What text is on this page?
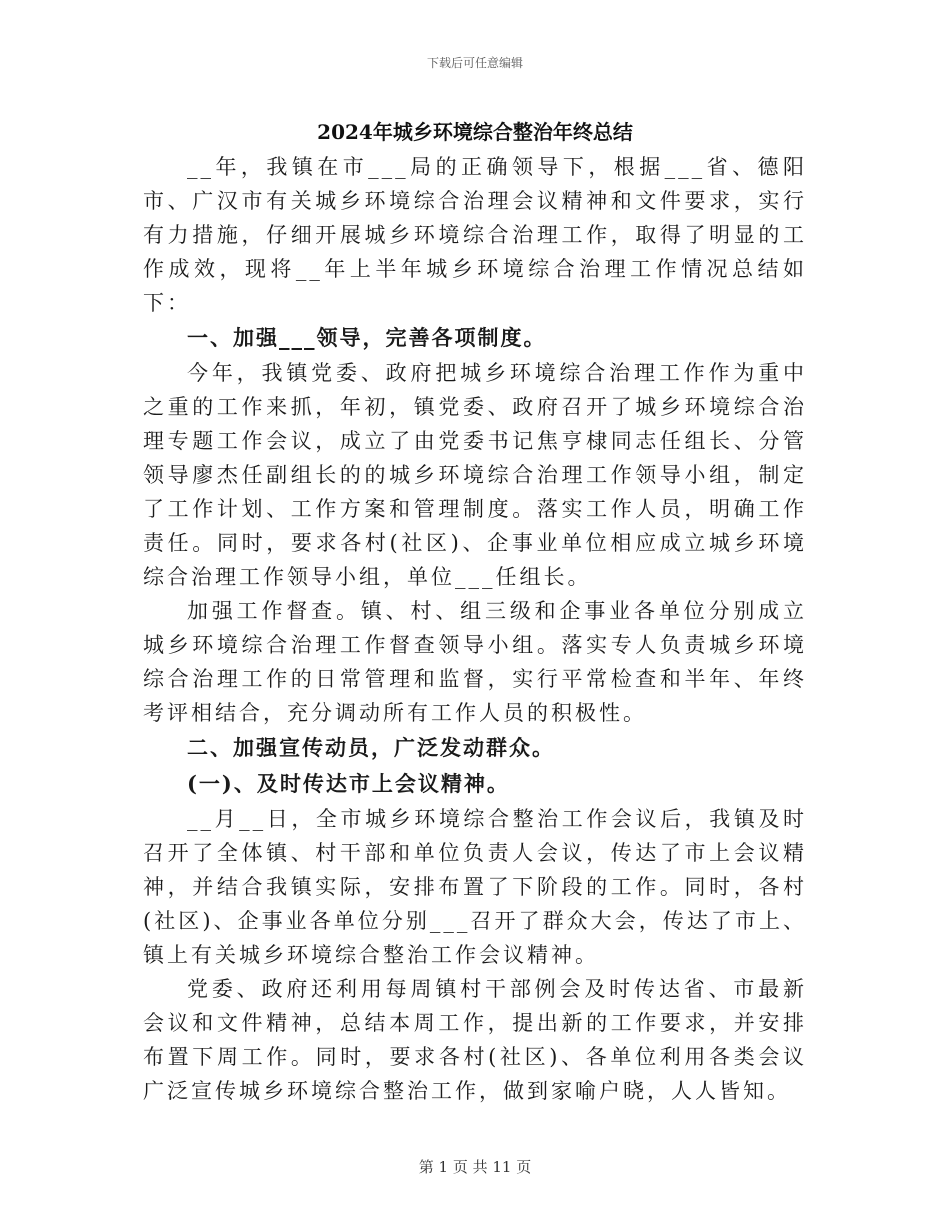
下载后可任意编辑
2024年城乡环境综合整治年终总结

__年，我镇在市___局的正确领导下，根据___省、德阳市、广汉市有关城乡环境综合治理会议精神和文件要求，实行有力措施，仔细开展城乡环境综合治理工作，取得了明显的工作成效，现将__年上半年城乡环境综合治理工作情况总结如下：

一、加强___领导，完善各项制度。

今年，我镇党委、政府把城乡环境综合治理工作作为重中之重的工作来抓，年初，镇党委、政府召开了城乡环境综合治理专题工作会议，成立了由党委书记焦亨棣同志任组长、分管领导廖杰任副组长的的城乡环境综合治理工作领导小组，制定了工作计划、工作方案和管理制度。落实工作人员，明确工作责任。同时，要求各村(社区)、企事业单位相应成立城乡环境综合治理工作领导小组，单位___任组长。

加强工作督查。镇、村、组三级和企事业各单位分别成立城乡环境综合治理工作督查领导小组。落实专人负责城乡环境综合治理工作的日常管理和监督，实行平常检查和半年、年终考评相结合，充分调动所有工作人员的积极性。

二、加强宣传动员，广泛发动群众。
(一)、及时传达市上会议精神。

__月__日，全市城乡环境综合整治工作会议后，我镇及时召开了全体镇、村干部和单位负责人会议，传达了市上会议精神，并结合我镇实际，安排布置了下阶段的工作。同时，各村(社区)、企事业各单位分别___召开了群众大会，传达了市上、镇上有关城乡环境综合整治工作会议精神。

党委、政府还利用每周镇村干部例会及时传达省、市最新会议和文件精神，总结本周工作，提出新的工作要求，并安排布置下周工作。同时，要求各村(社区)、各单位利用各类会议广泛宣传城乡环境综合整治工作，做到家喻户晓，人人皆知。

第 1 页 共 11 页
